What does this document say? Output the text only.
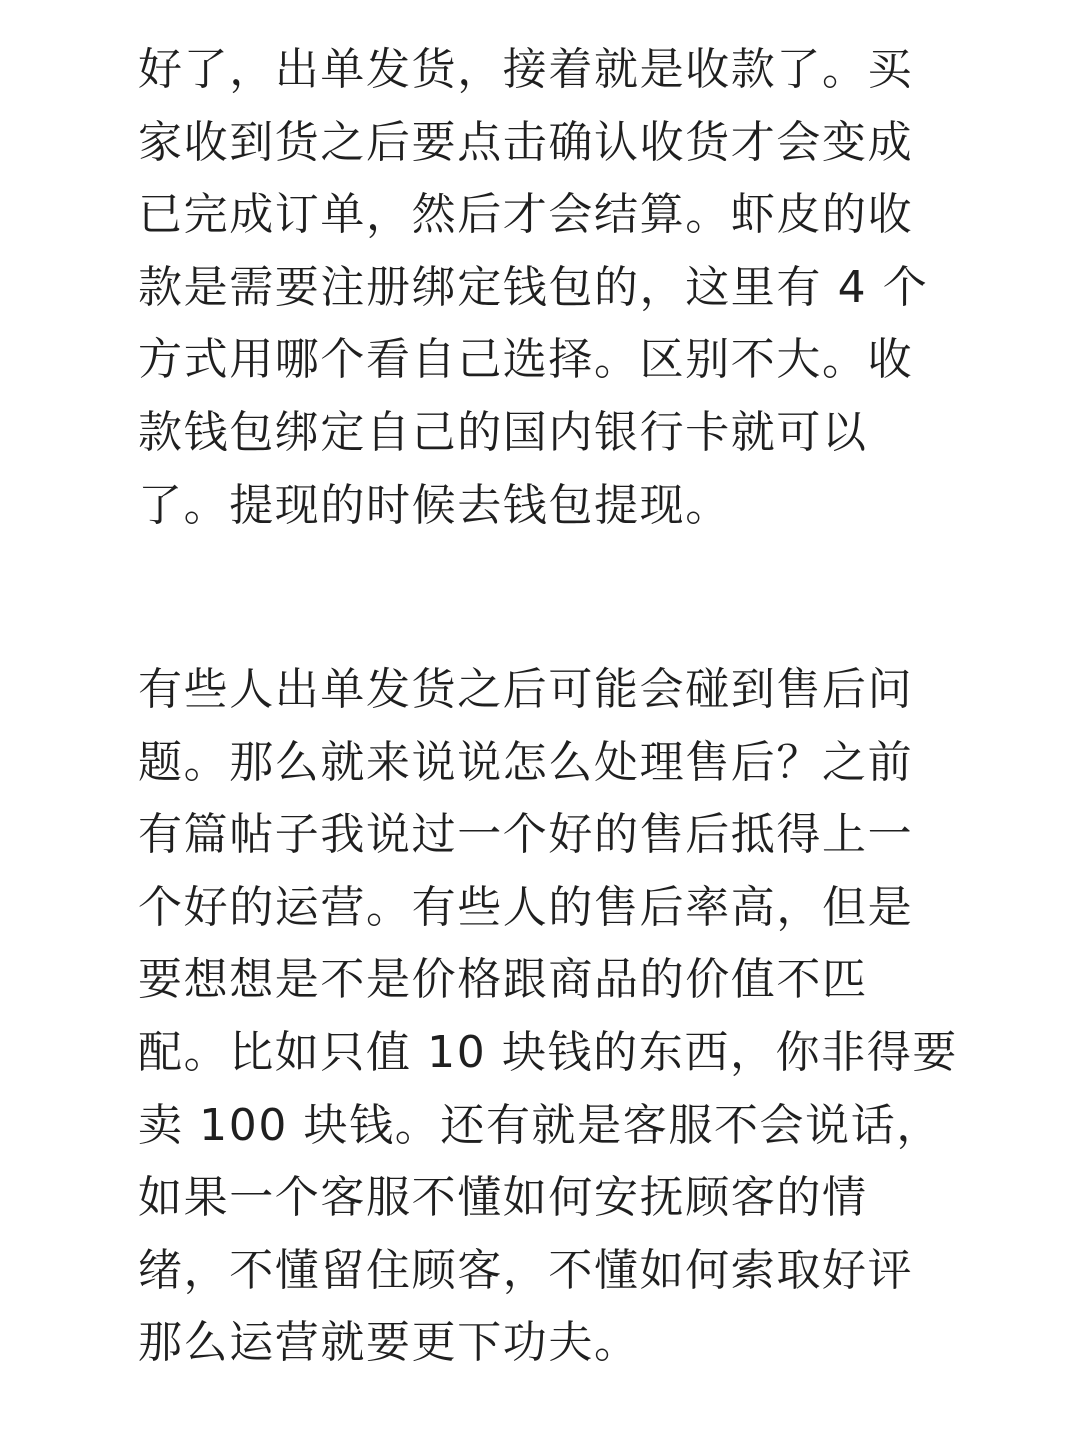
好了，出单发货，接着就是收款了。买
家收到货之后要点击确认收货才会变成
已完成订单，然后才会结算。虾皮的收
款是需要注册绑定钱包的，这里有 4 个
方式用哪个看自己选择。区别不大。收
款钱包绑定自己的国内银行卡就可以
了。提现的时候去钱包提现。
有些人出单发货之后可能会碰到售后问
题。那么就来说说怎么处理售后？之前
有篇帖子我说过一个好的售后抵得上一
个好的运营。有些人的售后率高，但是
要想想是不是价格跟商品的价值不匹
配。比如只值 10 块钱的东西，你非得要
卖 100 块钱。还有就是客服不会说话，
如果一个客服不懂如何安抚顾客的情
绪，不懂留住顾客，不懂如何索取好评
那么运营就要更下功夫。
